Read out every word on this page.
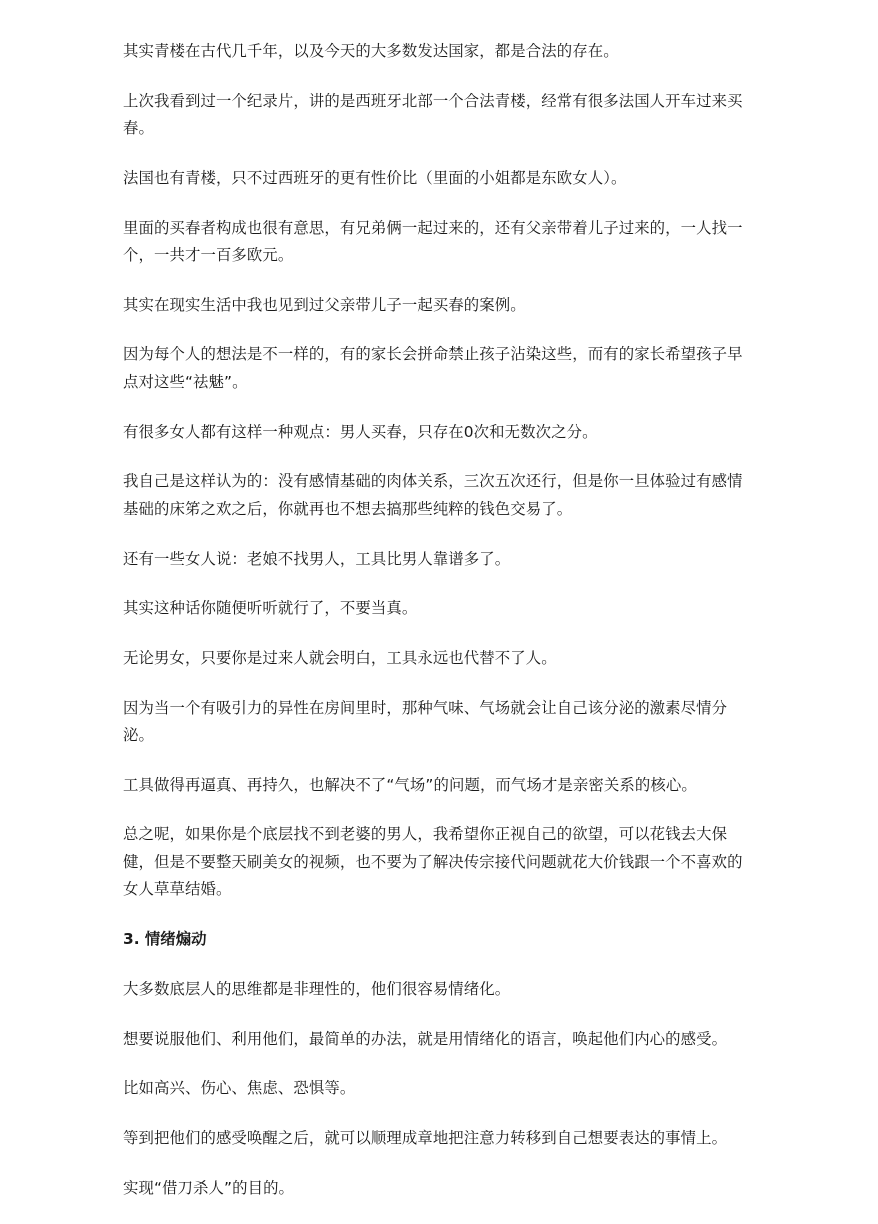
其实青楼在古代几千年，以及今天的大多数发达国家，都是合法的存在。

上次我看到过一个纪录片，讲的是西班牙北部一个合法青楼，经常有很多法国人开车过来买春。

法国也有青楼，只不过西班牙的更有性价比（里面的小姐都是东欧女人）。

里面的买春者构成也很有意思，有兄弟俩一起过来的，还有父亲带着儿子过来的，一人找一个，一共才一百多欧元。

其实在现实生活中我也见到过父亲带儿子一起买春的案例。

因为每个人的想法是不一样的，有的家长会拼命禁止孩子沾染这些，而有的家长希望孩子早点对这些“祛魅”。

有很多女人都有这样一种观点：男人买春，只存在0次和无数次之分。

我自己是这样认为的：没有感情基础的肉体关系，三次五次还行，但是你一旦体验过有感情基础的床笫之欢之后，你就再也不想去搞那些纯粹的钱色交易了。

还有一些女人说：老娘不找男人，工具比男人靠谱多了。

其实这种话你随便听听就行了，不要当真。

无论男女，只要你是过来人就会明白，工具永远也代替不了人。

因为当一个有吸引力的异性在房间里时，那种气味、气场就会让自己该分泌的激素尽情分泌。

工具做得再逼真、再持久，也解决不了“气场”的问题，而气场才是亲密关系的核心。

总之呢，如果你是个底层找不到老婆的男人，我希望你正视自己的欲望，可以花钱去大保健，但是不要整天刷美女的视频，也不要为了解决传宗接代问题就花大价钱跟一个不喜欢的女人草草结婚。

3. 情绪煽动

大多数底层人的思维都是非理性的，他们很容易情绪化。

想要说服他们、利用他们，最简单的办法，就是用情绪化的语言，唤起他们内心的感受。

比如高兴、伤心、焦虑、恐惧等。

等到把他们的感受唤醒之后，就可以顺理成章地把注意力转移到自己想要表达的事情上。

实现“借刀杀人”的目的。
